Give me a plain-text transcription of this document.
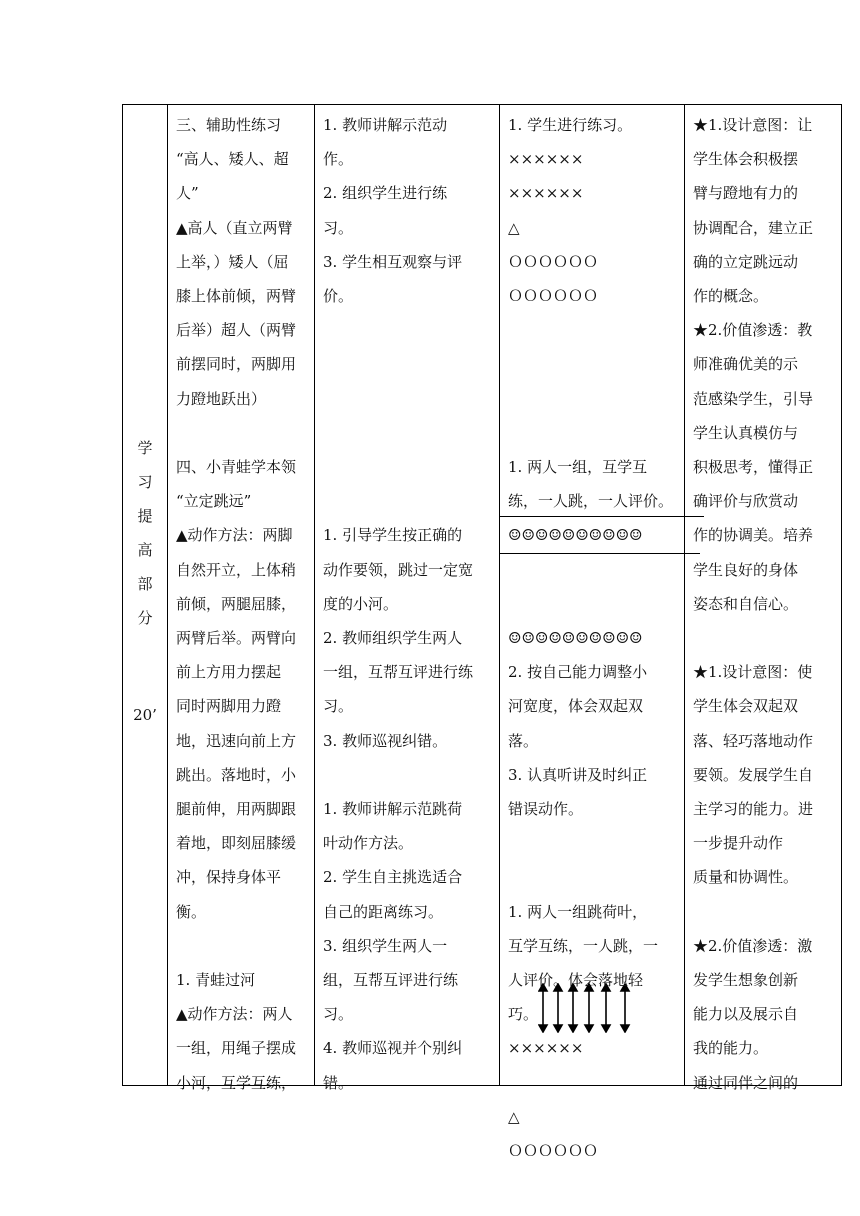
学
习
提
高
部
分
20’

三、辅助性练习
“高人、矮人、超
人”
▲高人（直立两臂
上举，）矮人（屈
膝上体前倾，两臂
后举）超人（两臂
前摆同时，两脚用
力蹬地跃出）
四、小青蛙学本领
“立定跳远”
▲动作方法：两脚
自然开立，上体稍
前倾，两腿屈膝，
两臂后举。两臂向
前上方用力摆起
同时两脚用力蹬
地，迅速向前上方
跳出。落地时，小
腿前伸，用两脚跟
着地，即刻屈膝缓
冲，保持身体平
衡。
1. 青蛙过河
▲动作方法：两人
一组，用绳子摆成
小河，互学互练，

1. 教师讲解示范动
作。
2. 组织学生进行练
习。
3. 学生相互观察与评
价。
1. 引导学生按正确的
动作要领，跳过一定宽
度的小河。
2. 教师组织学生两人
一组，互帮互评进行练
习。
3. 教师巡视纠错。
1. 教师讲解示范跳荷
叶动作方法。
2. 学生自主挑选适合
自己的距离练习。
3. 组织学生两人一
组，互帮互评进行练
习。
4. 教师巡视并个别纠
错。

1. 学生进行练习。
××××××
××××××
△
ＯＯＯＯＯＯ
ＯＯＯＯＯＯ
1. 两人一组，互学互
练，一人跳，一人评价。
☺☺☺☺☺☺☺☺☺☺
☺☺☺☺☺☺☺☺☺☺
2. 按自己能力调整小
河宽度，体会双起双
落。
3. 认真听讲及时纠正
错误动作。
1. 两人一组跳荷叶，
互学互练，一人跳，一
人评价。体会落地轻
巧。
××××××
△
ＯＯＯＯＯＯ

★1.设计意图：让
学生体会积极摆
臂与蹬地有力的
协调配合，建立正
确的立定跳远动
作的概念。
★2.价值渗透：教
师准确优美的示
范感染学生，引导
学生认真模仿与
积极思考，懂得正
确评价与欣赏动
作的协调美。培养
学生良好的身体
姿态和自信心。
★1.设计意图：使
学生体会双起双
落、轻巧落地动作
要领。发展学生自
主学习的能力。进
一步提升动作
质量和协调性。
★2.价值渗透：激
发学生想象创新
能力以及展示自
我的能力。
通过同伴之间的
